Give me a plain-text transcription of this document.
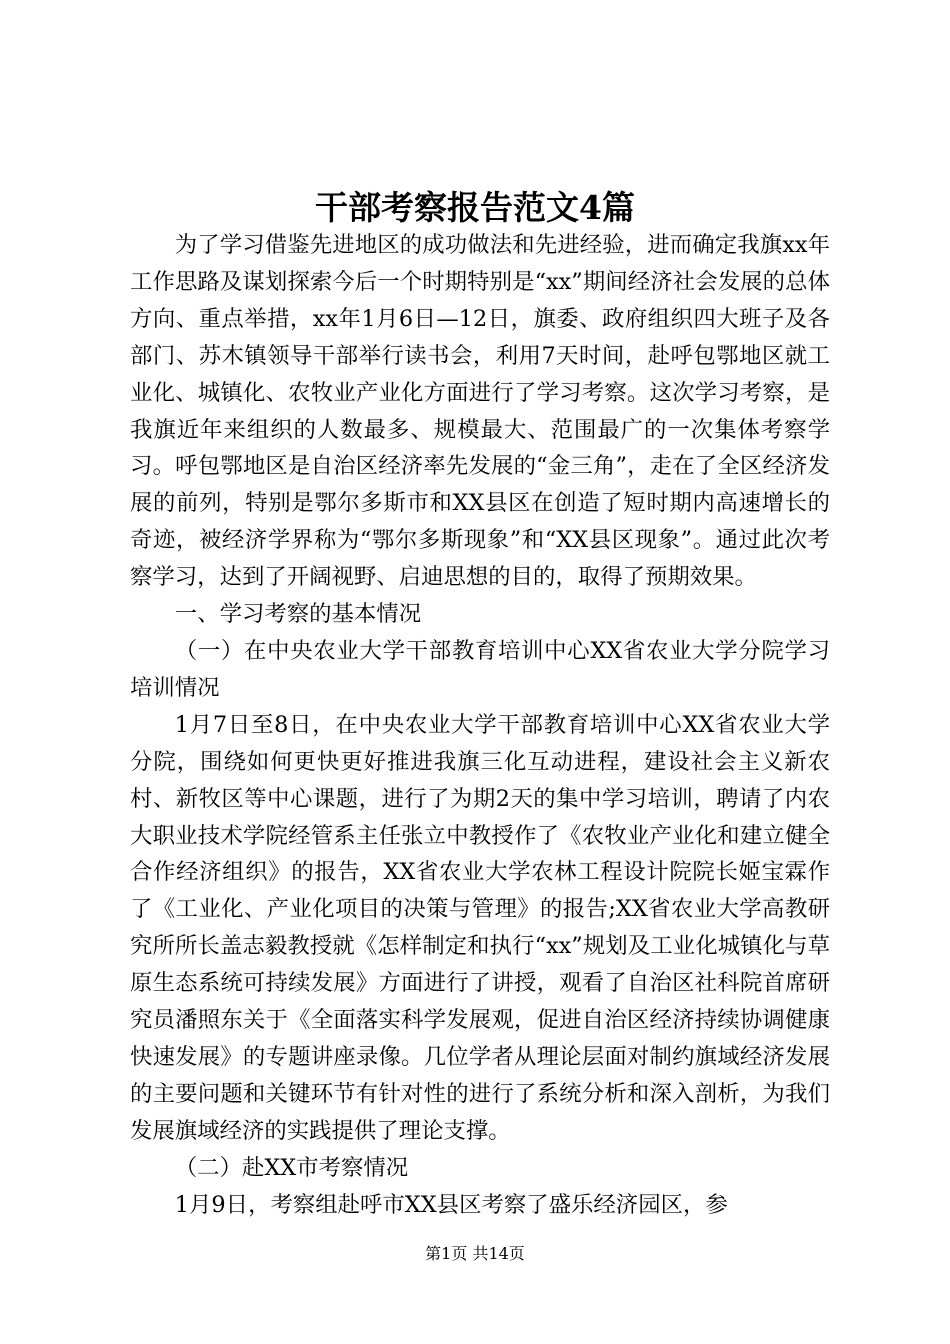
干部考察报告范文4篇

为了学习借鉴先进地区的成功做法和先进经验，进而确定我旗xx年工作思路及谋划探索今后一个时期特别是“xx”期间经济社会发展的总体方向、重点举措，xx年1月6日—12日，旗委、政府组织四大班子及各部门、苏木镇领导干部举行读书会，利用7天时间，赴呼包鄂地区就工业化、城镇化、农牧业产业化方面进行了学习考察。这次学习考察，是我旗近年来组织的人数最多、规模最大、范围最广的一次集体考察学习。呼包鄂地区是自治区经济率先发展的“金三角”，走在了全区经济发展的前列，特别是鄂尔多斯市和XX县区在创造了短时期内高速增长的奇迹，被经济学界称为“鄂尔多斯现象”和“XX县区现象”。通过此次考察学习，达到了开阔视野、启迪思想的目的，取得了预期效果。

一、学习考察的基本情况

（一）在中央农业大学干部教育培训中心XX省农业大学分院学习培训情况

1月7日至8日，在中央农业大学干部教育培训中心XX省农业大学分院，围绕如何更快更好推进我旗三化互动进程，建设社会主义新农村、新牧区等中心课题，进行了为期2天的集中学习培训，聘请了内农大职业技术学院经管系主任张立中教授作了《农牧业产业化和建立健全合作经济组织》的报告，XX省农业大学农林工程设计院院长姬宝霖作了《工业化、产业化项目的决策与管理》的报告;XX省农业大学高教研究所所长盖志毅教授就《怎样制定和执行“xx”规划及工业化城镇化与草原生态系统可持续发展》方面进行了讲授，观看了自治区社科院首席研究员潘照东关于《全面落实科学发展观，促进自治区经济持续协调健康快速发展》的专题讲座录像。几位学者从理论层面对制约旗域经济发展的主要问题和关键环节有针对性的进行了系统分析和深入剖析，为我们发展旗域经济的实践提供了理论支撑。

（二）赴XX市考察情况

1月9日，考察组赴呼市XX县区考察了盛乐经济园区，参

第1页 共14页
